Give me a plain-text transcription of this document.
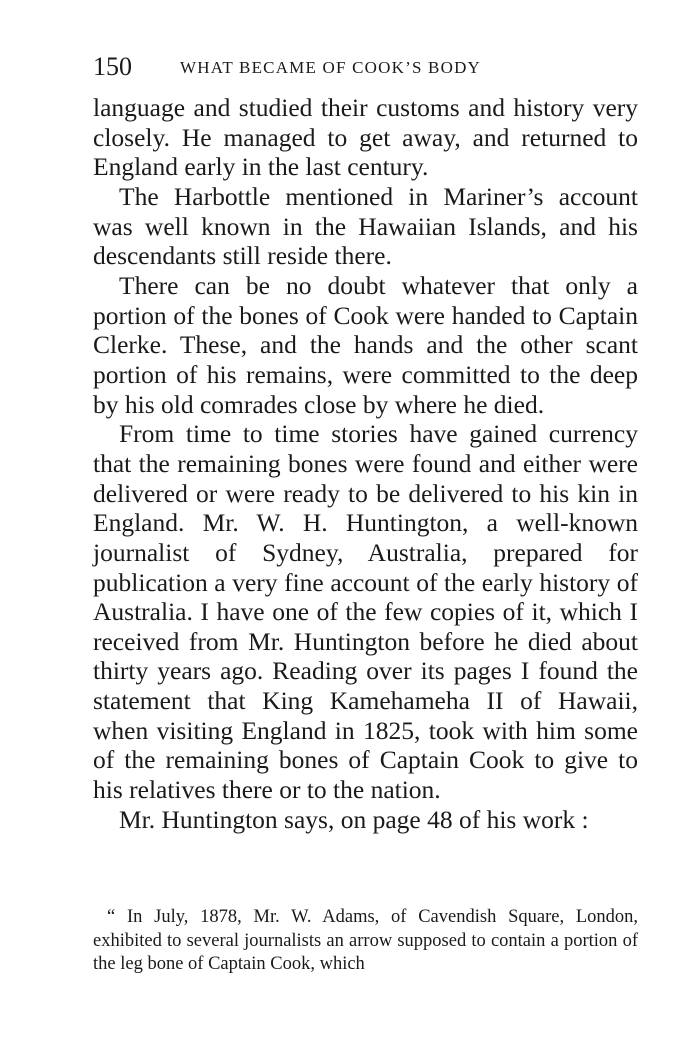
150	WHAT BECAME OF COOK’S BODY

language and studied their customs and history very closely. He managed to get away, and returned to England early in the last century.

The Harbottle mentioned in Mariner’s account was well known in the Hawaiian Islands, and his descendants still reside there.

There can be no doubt whatever that only a portion of the bones of Cook were handed to Captain Clerke. These, and the hands and the other scant portion of his remains, were committed to the deep by his old comrades close by where he died.

From time to time stories have gained currency that the remaining bones were found and either were delivered or were ready to be delivered to his kin in England. Mr. W. H. Huntington, a well-known journalist of Sydney, Australia, prepared for publication a very fine account of the early history of Australia. I have one of the few copies of it, which I received from Mr. Huntington before he died about thirty years ago. Reading over its pages I found the statement that King Kamehameha II of Hawaii, when visiting England in 1825, took with him some of the remaining bones of Captain Cook to give to his relatives there or to the nation.

Mr. Huntington says, on page 48 of his work :

“ In July, 1878, Mr. W. Adams, of Cavendish Square, London, exhibited to several journalists an arrow supposed to contain a portion of the leg bone of Captain Cook, which
